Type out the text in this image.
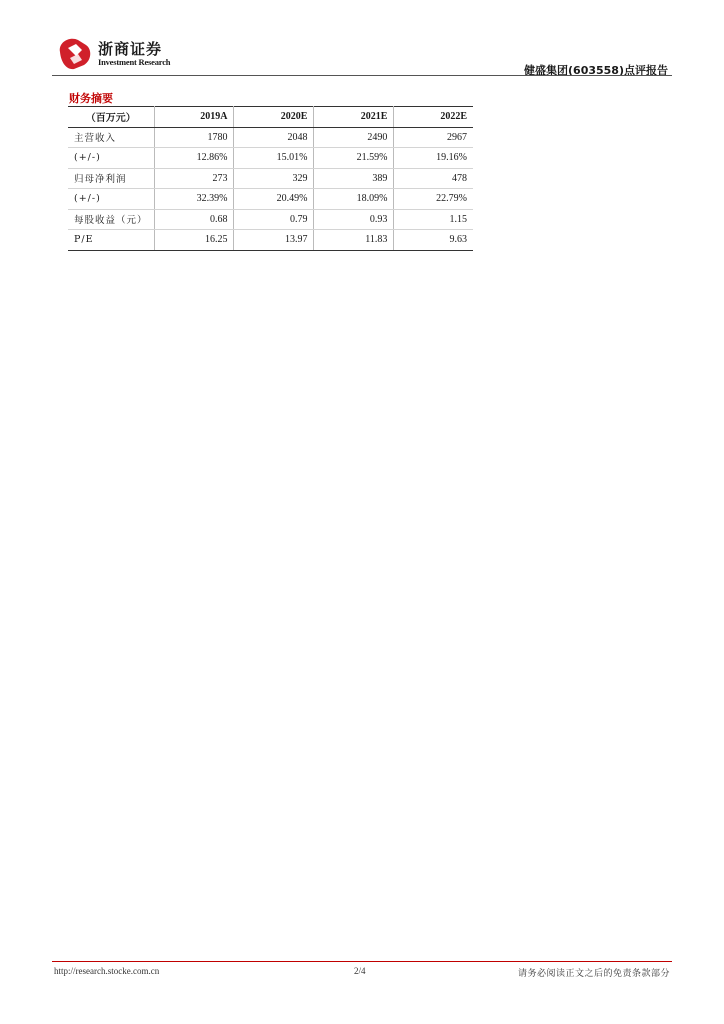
浙商证券
Investment Research
健盛集团(603558)点评报告
财务摘要
（百万元）	2019A	2020E	2021E	2022E
主营收入	1780	2048	2490	2967
(+/-)	12.86%	15.01%	21.59%	19.16%
归母净利润	273	329	389	478
(+/-)	32.39%	20.49%	18.09%	22.79%
每股收益（元）	0.68	0.79	0.93	1.15
P/E	16.25	13.97	11.83	9.63
http://research.stocke.com.cn	2/4	请务必阅读正文之后的免责条款部分
